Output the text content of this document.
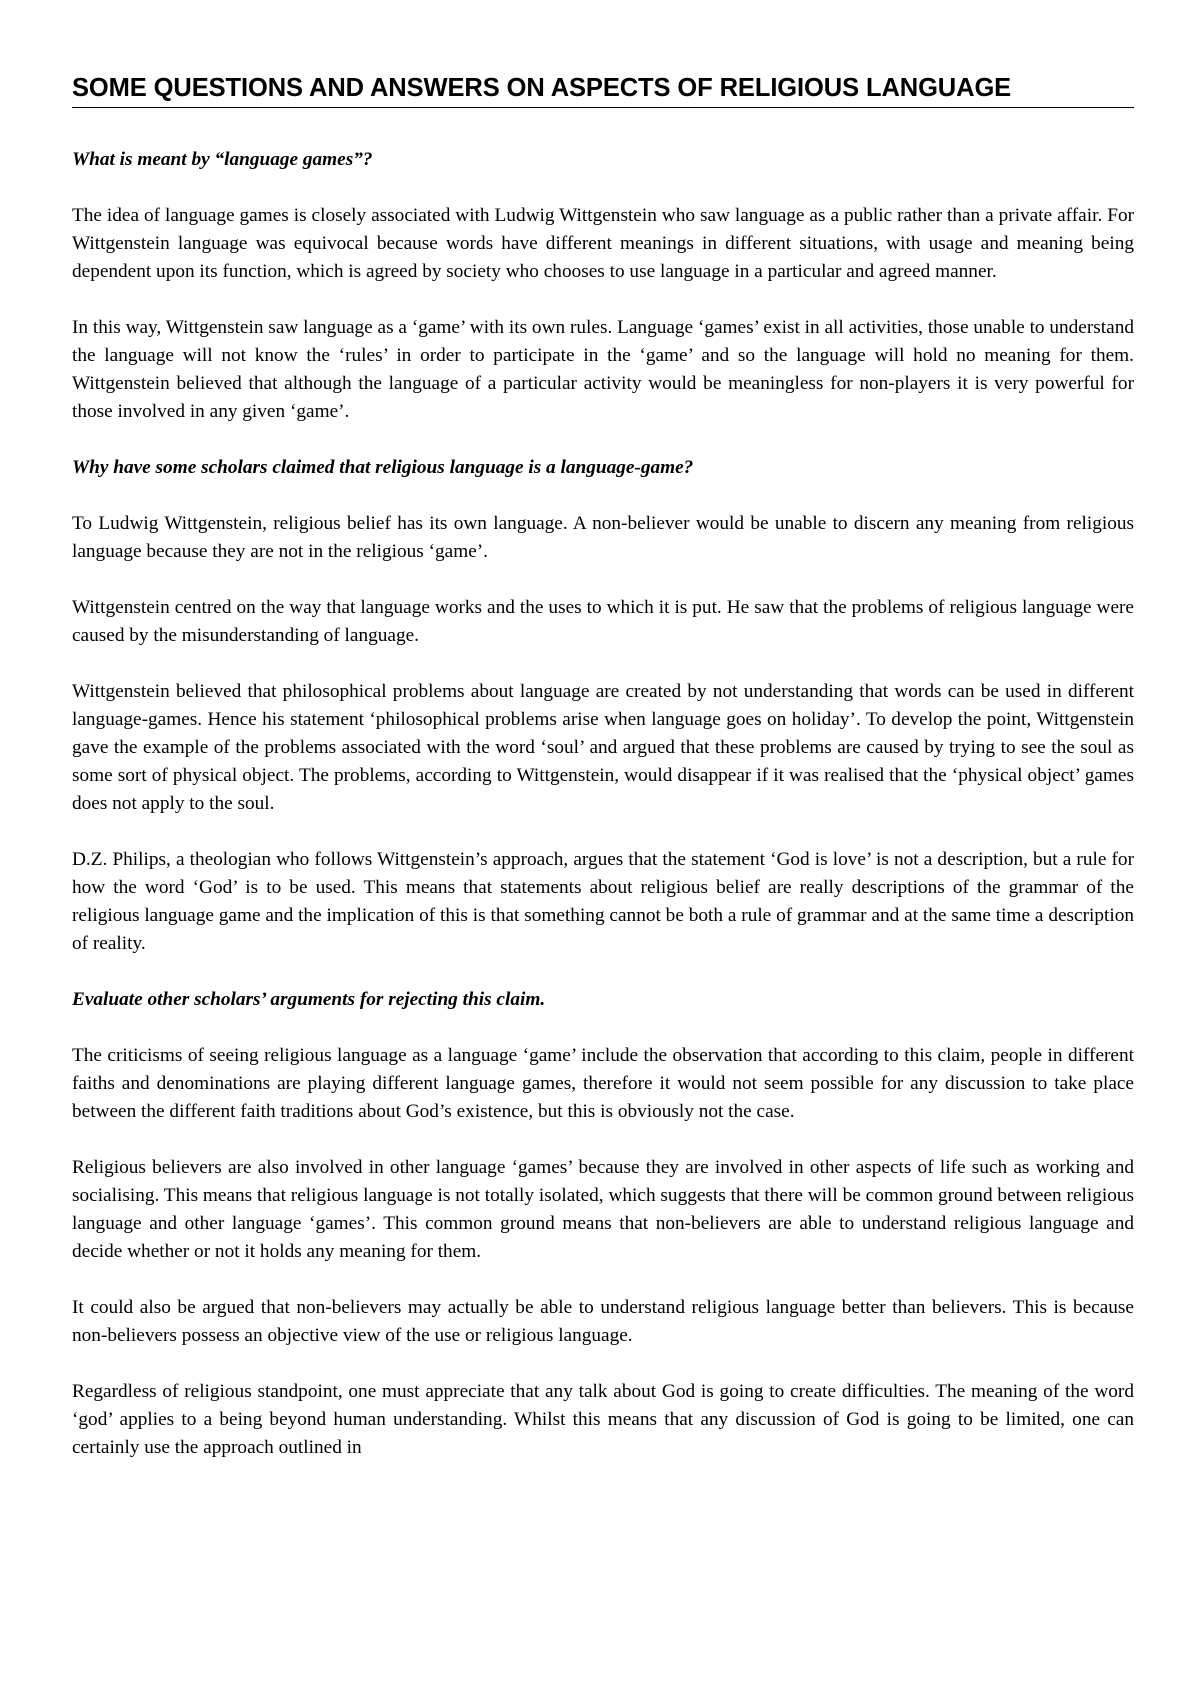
SOME QUESTIONS AND ANSWERS ON ASPECTS OF RELIGIOUS LANGUAGE

What is meant by “language games”?

The idea of language games is closely associated with Ludwig Wittgenstein who saw language as a public rather than a private affair. For Wittgenstein language was equivocal because words have different meanings in different situations, with usage and meaning being dependent upon its function, which is agreed by society who chooses to use language in a particular and agreed manner.

In this way, Wittgenstein saw language as a ‘game’ with its own rules. Language ‘games’ exist in all activities, those unable to understand the language will not know the ‘rules’ in order to participate in the ‘game’ and so the language will hold no meaning for them. Wittgenstein believed that although the language of a particular activity would be meaningless for non-players it is very powerful for those involved in any given ‘game’.

Why have some scholars claimed that religious language is a language-game?

To Ludwig Wittgenstein, religious belief has its own language. A non-believer would be unable to discern any meaning from religious language because they are not in the religious ‘game’.

Wittgenstein centred on the way that language works and the uses to which it is put. He saw that the problems of religious language were caused by the misunderstanding of language.

Wittgenstein believed that philosophical problems about language are created by not understanding that words can be used in different language-games. Hence his statement ‘philosophical problems arise when language goes on holiday’. To develop the point, Wittgenstein gave the example of the problems associated with the word ‘soul’ and argued that these problems are caused by trying to see the soul as some sort of physical object. The problems, according to Wittgenstein, would disappear if it was realised that the ‘physical object’ games does not apply to the soul.

D.Z. Philips, a theologian who follows Wittgenstein’s approach, argues that the statement ‘God is love’ is not a description, but a rule for how the word ‘God’ is to be used. This means that statements about religious belief are really descriptions of the grammar of the religious language game and the implication of this is that something cannot be both a rule of grammar and at the same time a description of reality.

Evaluate other scholars’ arguments for rejecting this claim.

The criticisms of seeing religious language as a language ‘game’ include the observation that according to this claim, people in different faiths and denominations are playing different language games, therefore it would not seem possible for any discussion to take place between the different faith traditions about God’s existence, but this is obviously not the case.

Religious believers are also involved in other language ‘games’ because they are involved in other aspects of life such as working and socialising. This means that religious language is not totally isolated, which suggests that there will be common ground between religious language and other language ‘games’. This common ground means that non-believers are able to understand religious language and decide whether or not it holds any meaning for them.

It could also be argued that non-believers may actually be able to understand religious language better than believers. This is because non-believers possess an objective view of the use or religious language.

Regardless of religious standpoint, one must appreciate that any talk about God is going to create difficulties. The meaning of the word ‘god’ applies to a being beyond human understanding. Whilst this means that any discussion of God is going to be limited, one can certainly use the approach outlined in
